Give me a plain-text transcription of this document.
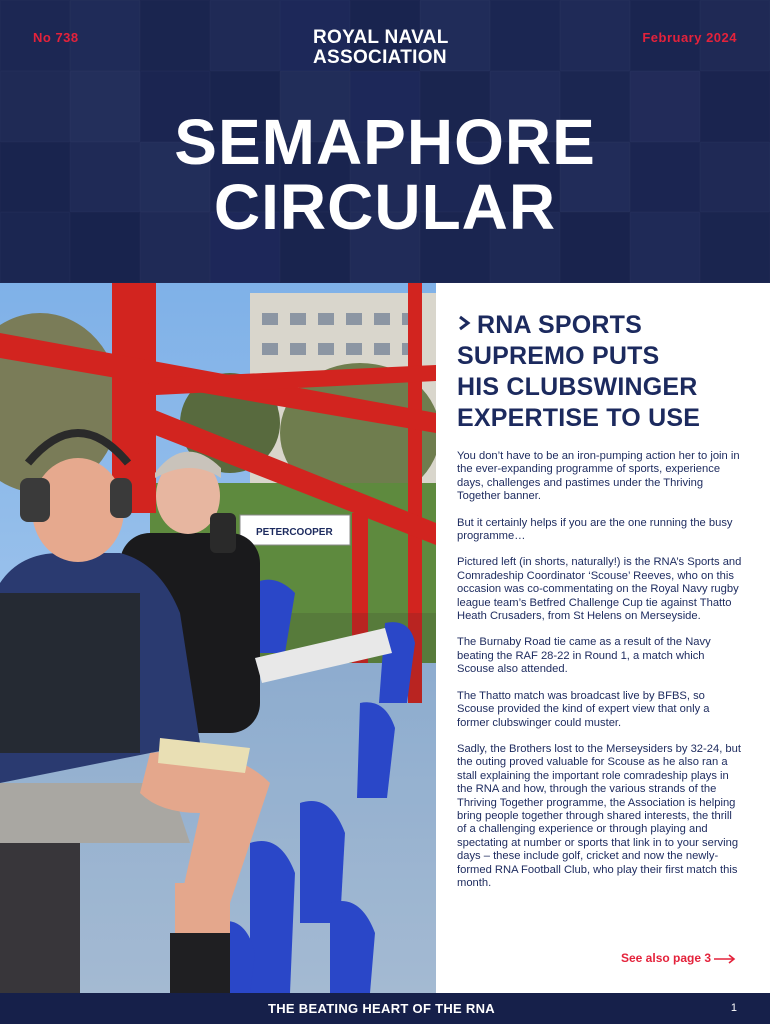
No 738	ROYAL NAVAL
ASSOCIATION
February 2024
SEMAPHORE
CIRCULAR
PETERCOOPER
RNA SPORTS
SUPREMO PUTS
HIS CLUBSWINGER
EXPERTISE TO USE

You don’t have to be an iron-pumping action her to join in the ever-expanding programme of sports, experience days, challenges and pastimes under the Thriving Together banner.

But it certainly helps if you are the one running the busy programme…

Pictured left (in shorts, naturally!) is the RNA’s Sports and Comradeship Coordinator ‘Scouse’ Reeves, who on this occasion was co-commentating on the Royal Navy rugby league team’s Betfred Challenge Cup tie against Thatto Heath Crusaders, from St Helens on Merseyside.

The Burnaby Road tie came as a result of the Navy beating the RAF 28-22 in Round 1, a match which Scouse also attended.

The Thatto match was broadcast live by BFBS, so Scouse provided the kind of expert view that only a former clubswinger could muster.

Sadly, the Brothers lost to the Merseysiders by 32-24, but the outing proved valuable for Scouse as he also ran a stall explaining the important role comradeship plays in the RNA and how, through the various strands of the Thriving Together programme, the Association is helping bring people together through shared interests, the thrill of a challenging experience or through playing and spectating at number or sports that link in to your serving days – these include golf, cricket and now the newly-formed RNA Football Club, who play their first match this month.

See also page 3
THE BEATING HEART OF THE RNA	1
